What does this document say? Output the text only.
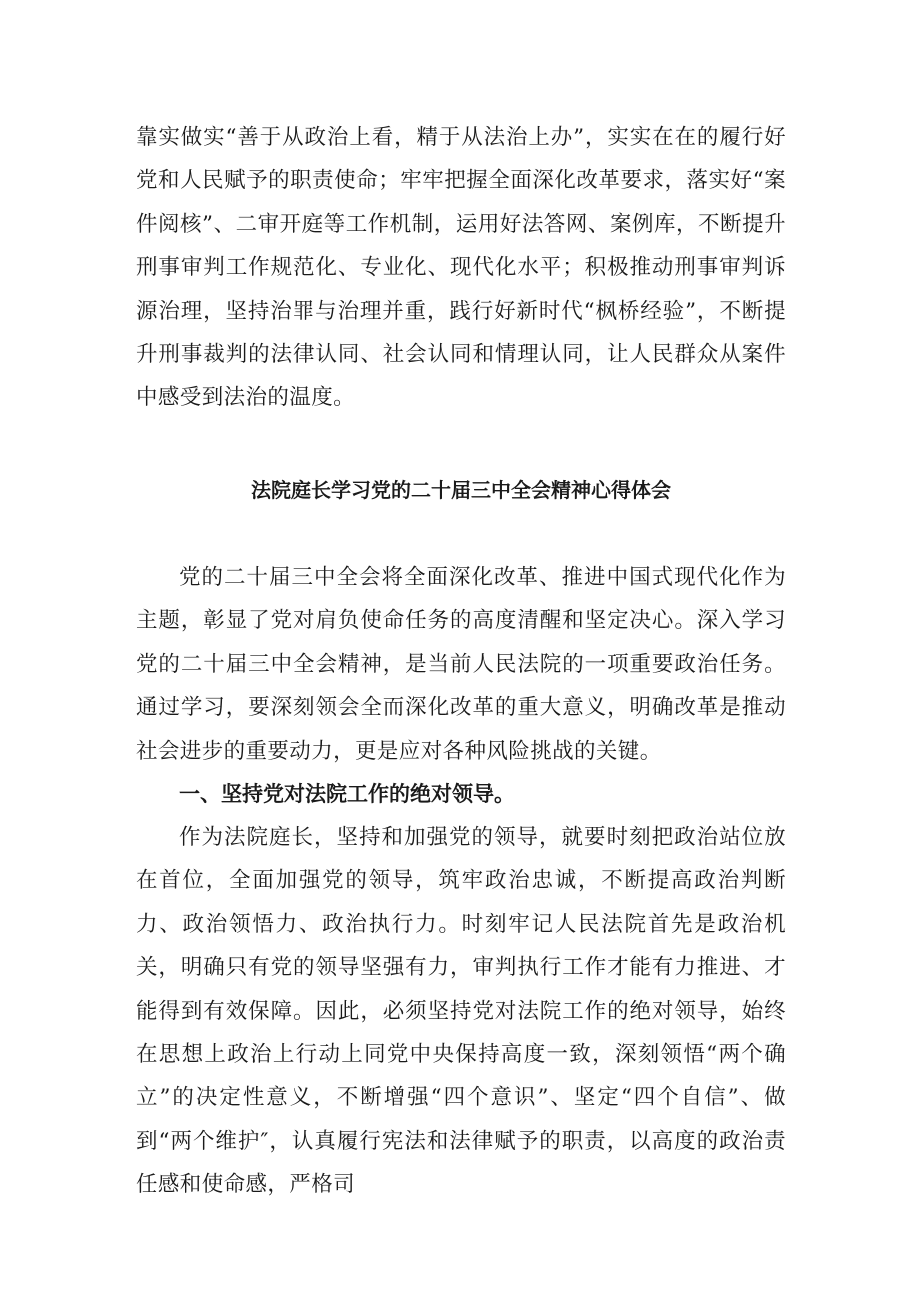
靠实做实“善于从政治上看，精于从法治上办”，实实在在的履行好党和人民赋予的职责使命；牢牢把握全面深化改革要求，落实好“案件阅核”、二审开庭等工作机制，运用好法答网、案例库，不断提升刑事审判工作规范化、专业化、现代化水平；积极推动刑事审判诉源治理，坚持治罪与治理并重，践行好新时代“枫桥经验”，不断提升刑事裁判的法律认同、社会认同和情理认同，让人民群众从案件中感受到法治的温度。

法院庭长学习党的二十届三中全会精神心得体会

党的二十届三中全会将全面深化改革、推进中国式现代化作为主题，彰显了党对肩负使命任务的高度清醒和坚定决心。深入学习党的二十届三中全会精神，是当前人民法院的一项重要政治任务。通过学习，要深刻领会全而深化改革的重大意义，明确改革是推动社会进步的重要动力，更是应对各种风险挑战的关键。

一、坚持党对法院工作的绝对领导。

作为法院庭长，坚持和加强党的领导，就要时刻把政治站位放在首位，全面加强党的领导，筑牢政治忠诚，不断提高政治判断力、政治领悟力、政治执行力。时刻牢记人民法院首先是政治机关，明确只有党的领导坚强有力，审判执行工作才能有力推进、才能得到有效保障。因此，必须坚持党对法院工作的绝对领导，始终在思想上政治上行动上同党中央保持高度一致，深刻领悟“两个确立”的决定性意义，不断增强“四个意识”、坚定“四个自信”、做到“两个维护″，认真履行宪法和法律赋予的职责，以高度的政治责任感和使命感，严格司
